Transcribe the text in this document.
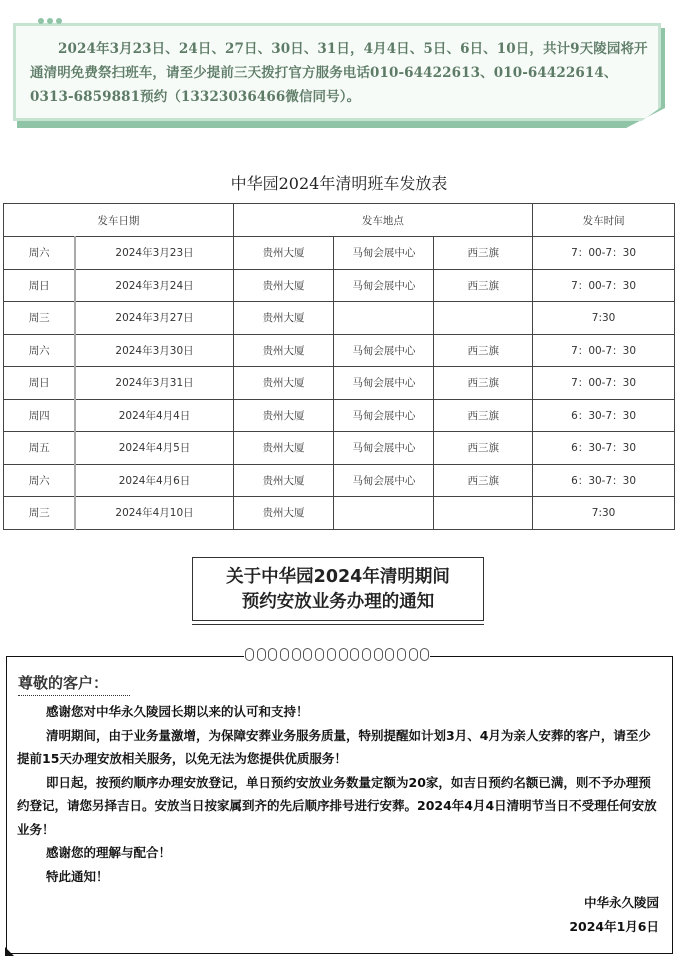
2024年3月23日、24日、27日、30日、31日，4月4日、5日、6日、10日，共计9天陵园将开通清明免费祭扫班车，请至少提前三天拨打官方服务电话010-64422613、010-64422614、0313-6859881预约（13323036466微信同号）。
中华园2024年清明班车发放表
发车日期		发车地点			发车时间
周六	2024年3月23日	贵州大厦	马甸会展中心	西三旗	7：00-7：30
周日	2024年3月24日	贵州大厦	马甸会展中心	西三旗	7：00-7：30
周三	2024年3月27日	贵州大厦			7:30
周六	2024年3月30日	贵州大厦	马甸会展中心	西三旗	7：00-7：30
周日	2024年3月31日	贵州大厦	马甸会展中心	西三旗	7：00-7：30
周四	2024年4月4日	贵州大厦	马甸会展中心	西三旗	6：30-7：30
周五	2024年4月5日	贵州大厦	马甸会展中心	西三旗	6：30-7：30
周六	2024年4月6日	贵州大厦	马甸会展中心	西三旗	6：30-7：30
周三	2024年4月10日	贵州大厦			7:30
关于中华园2024年清明期间
预约安放业务办理的通知
尊敬的客户：

感谢您对中华永久陵园长期以来的认可和支持！

清明期间，由于业务量激增，为保障安葬业务服务质量，特别提醒如计划3月、4月为亲人安葬的客户，请至少提前15天办理安放相关服务，以免无法为您提供优质服务！

即日起，按预约顺序办理安放登记，单日预约安放业务数量定额为20家，如吉日预约名额已满，则不予办理预约登记，请您另择吉日。安放当日按家属到齐的先后顺序排号进行安葬。2024年4月4日清明节当日不受理任何安放业务！

感谢您的理解与配合！

特此通知！

中华永久陵园
2024年1月6日
